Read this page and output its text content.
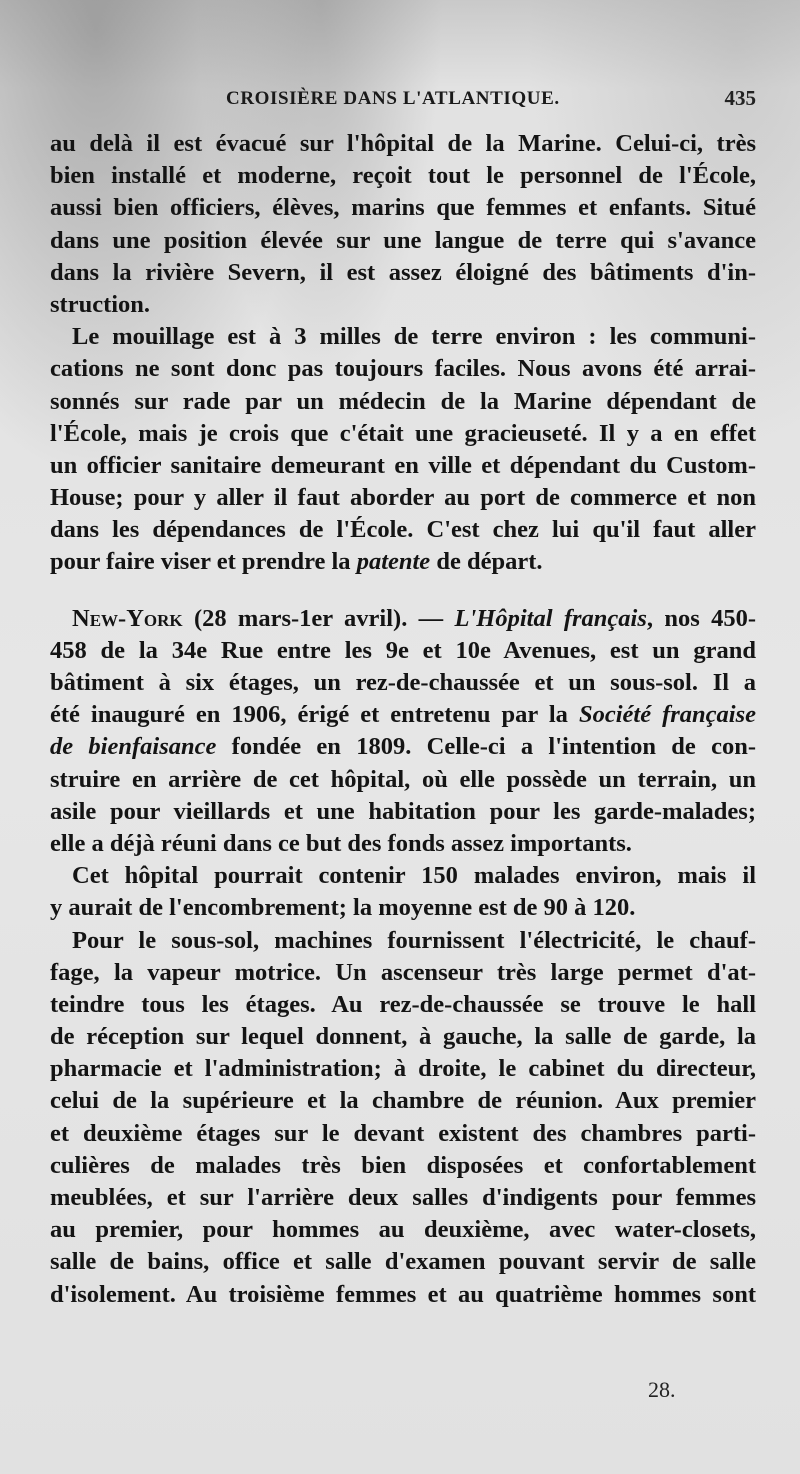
CROISIÈRE DANS L'ATLANTIQUE.	435
au delà il est évacué sur l'hôpital de la Marine. Celui-ci, très
bien installé et moderne, reçoit tout le personnel de l'École,
aussi bien officiers, élèves, marins que femmes et enfants. Situé
dans une position élevée sur une langue de terre qui s'avance
dans la rivière Severn, il est assez éloigné des bâtiments d'in-
struction.
Le mouillage est à 3 milles de terre environ : les communi-
cations ne sont donc pas toujours faciles. Nous avons été arrai-
sonnés sur rade par un médecin de la Marine dépendant de
l'École, mais je crois que c'était une gracieuseté. Il y a en effet
un officier sanitaire demeurant en ville et dépendant du Custom-
House; pour y aller il faut aborder au port de commerce et non
dans les dépendances de l'École. C'est chez lui qu'il faut aller
pour faire viser et prendre la patente de départ.
New-York (28 mars-1er avril). — L'Hôpital français, nos 450-
458 de la 34e Rue entre les 9e et 10e Avenues, est un grand
bâtiment à six étages, un rez-de-chaussée et un sous-sol. Il a
été inauguré en 1906, érigé et entretenu par la Société française
de bienfaisance fondée en 1809. Celle-ci a l'intention de con-
struire en arrière de cet hôpital, où elle possède un terrain, un
asile pour vieillards et une habitation pour les garde-malades;
elle a déjà réuni dans ce but des fonds assez importants.
Cet hôpital pourrait contenir 150 malades environ, mais il
y aurait de l'encombrement; la moyenne est de 90 à 120.
Pour le sous-sol, machines fournissent l'électricité, le chauf-
fage, la vapeur motrice. Un ascenseur très large permet d'at-
teindre tous les étages. Au rez-de-chaussée se trouve le hall
de réception sur lequel donnent, à gauche, la salle de garde, la
pharmacie et l'administration; à droite, le cabinet du directeur,
celui de la supérieure et la chambre de réunion. Aux premier
et deuxième étages sur le devant existent des chambres parti-
culières de malades très bien disposées et confortablement
meublées, et sur l'arrière deux salles d'indigents pour femmes
au premier, pour hommes au deuxième, avec water-closets,
salle de bains, office et salle d'examen pouvant servir de salle
d'isolement. Au troisième femmes et au quatrième hommes sont
28.
